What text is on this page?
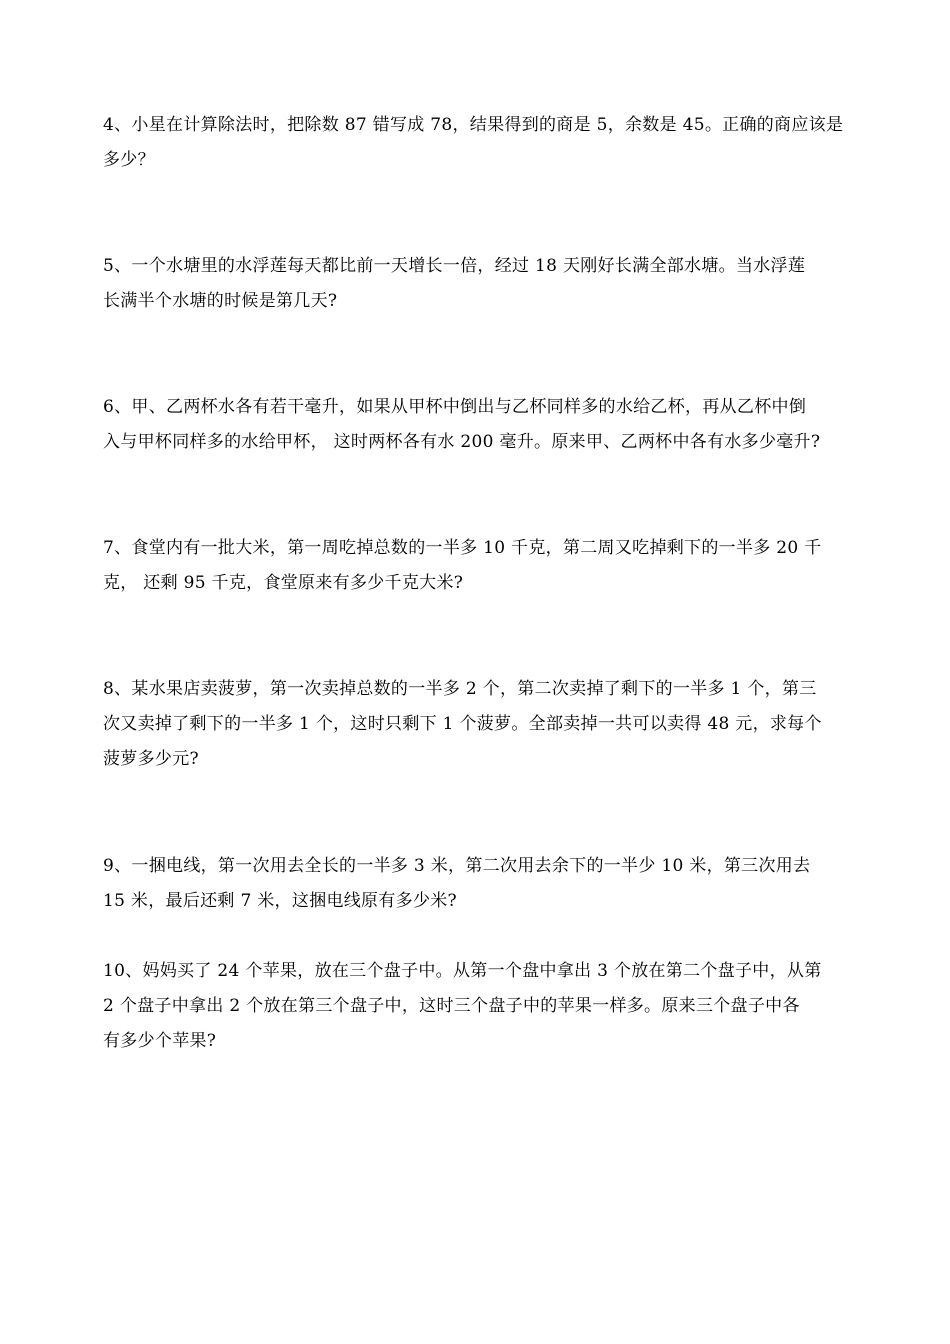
4、小星在计算除法时，把除数 87 错写成 78，结果得到的商是 5，余数是 45。正确的商应该是
多少？
5、一个水塘里的水浮莲每天都比前一天增长一倍，经过 18 天刚好长满全部水塘。当水浮莲
长满半个水塘的时候是第几天?
6、甲、乙两杯水各有若干毫升，如果从甲杯中倒出与乙杯同样多的水给乙杯，再从乙杯中倒
入与甲杯同样多的水给甲杯， 这时两杯各有水 200 毫升。原来甲、乙两杯中各有水多少毫升?
7、食堂内有一批大米，第一周吃掉总数的一半多 10 千克，第二周又吃掉剩下的一半多 20 千
克， 还剩 95 千克，食堂原来有多少千克大米?
8、某水果店卖菠萝，第一次卖掉总数的一半多 2 个，第二次卖掉了剩下的一半多 1 个，第三
次又卖掉了剩下的一半多 1 个，这时只剩下 1 个菠萝。全部卖掉一共可以卖得 48 元，求每个
菠萝多少元?
9、一捆电线，第一次用去全长的一半多 3 米，第二次用去余下的一半少 10 米，第三次用去
15 米，最后还剩 7 米，这捆电线原有多少米?
10、妈妈买了 24 个苹果，放在三个盘子中。从第一个盘中拿出 3 个放在第二个盘子中，从第
2 个盘子中拿出 2 个放在第三个盘子中，这时三个盘子中的苹果一样多。原来三个盘子中各
有多少个苹果?
